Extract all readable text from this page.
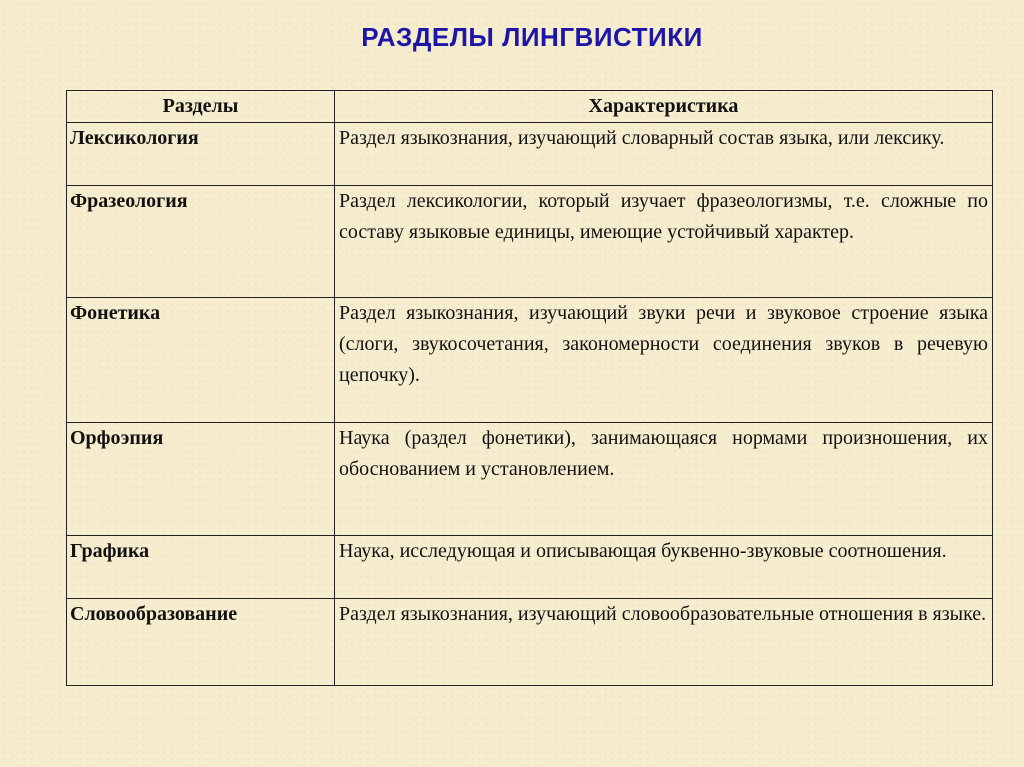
РАЗДЕЛЫ ЛИНГВИСТИКИ
Разделы	Характеристика
Лексикология	Раздел языкознания, изучающий словарный состав языка, или лексику.
Фразеология	Раздел лексикологии, который изучает фразеологизмы, т.е. сложные по составу языковые единицы, имеющие устойчивый характер.
Фонетика	Раздел языкознания, изучающий звуки речи и звуковое строение языка (слоги, звукосочетания, закономерности соединения звуков в речевую цепочку).
Орфоэпия	Наука (раздел фонетики), занимающаяся нормами произношения, их обоснованием и установлением.
Графика	Наука, исследующая и описывающая буквенно-звуковые соотношения.
Словообразование	Раздел языкознания, изучающий словообразовательные отношения в языке.
